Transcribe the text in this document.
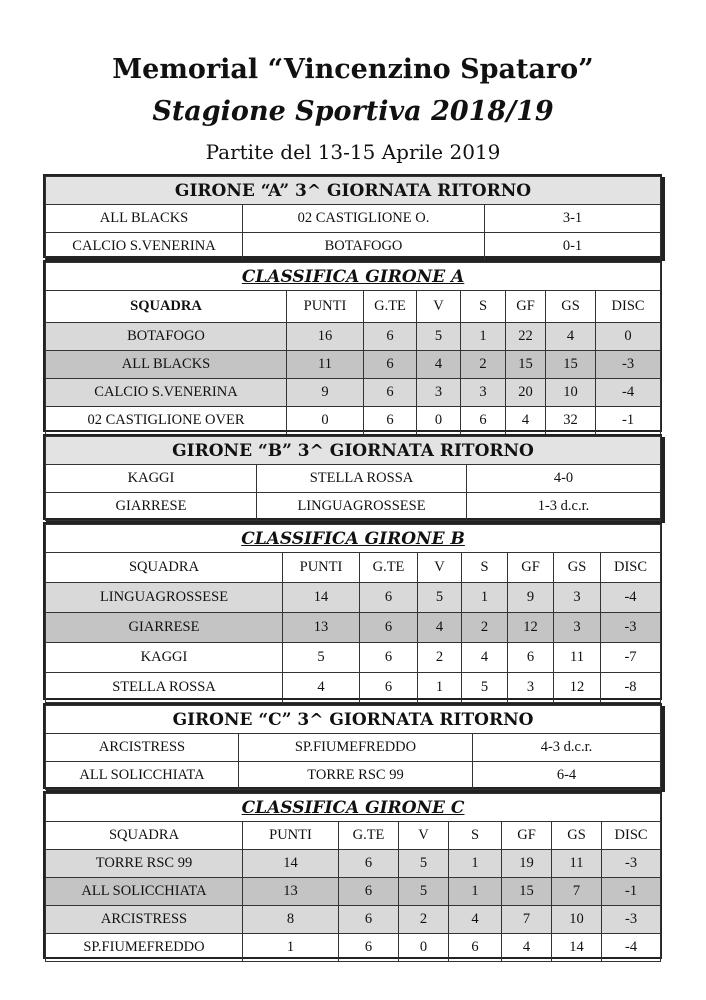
Memorial “Vincenzino Spataro”
Stagione Sportiva 2018/19
Partite del 13-15 Aprile 2019
GIRONE “A” 3^ GIORNATA RITORNO		
ALL BLACKS	02 CASTIGLIONE O.	3-1
CALCIO S.VENERINA	BOTAFOGO	0-1
CLASSIFICA GIRONE A							
SQUADRA	PUNTI	G.TE	V	S	GF	GS	DISC
BOTAFOGO	16	6	5	1	22	4	0
ALL BLACKS	11	6	4	2	15	15	-3
CALCIO S.VENERINA	9	6	3	3	20	10	-4
02 CASTIGLIONE OVER	0	6	0	6	4	32	-1
GIRONE “B” 3^ GIORNATA RITORNO		
KAGGI	STELLA ROSSA	4-0
GIARRESE	LINGUAGROSSESE	1-3 d.c.r.
CLASSIFICA GIRONE B							
SQUADRA	PUNTI	G.TE	V	S	GF	GS	DISC
LINGUAGROSSESE	14	6	5	1	9	3	-4
GIARRESE	13	6	4	2	12	3	-3
KAGGI	5	6	2	4	6	11	-7
STELLA ROSSA	4	6	1	5	3	12	-8
GIRONE “C” 3^ GIORNATA RITORNO		
ARCISTRESS	SP.FIUMEFREDDO	4-3 d.c.r.
ALL SOLICCHIATA	TORRE RSC 99	6-4
CLASSIFICA GIRONE C							
SQUADRA	PUNTI	G.TE	V	S	GF	GS	DISC
TORRE RSC 99	14	6	5	1	19	11	-3
ALL SOLICCHIATA	13	6	5	1	15	7	-1
ARCISTRESS	8	6	2	4	7	10	-3
SP.FIUMEFREDDO	1	6	0	6	4	14	-4
